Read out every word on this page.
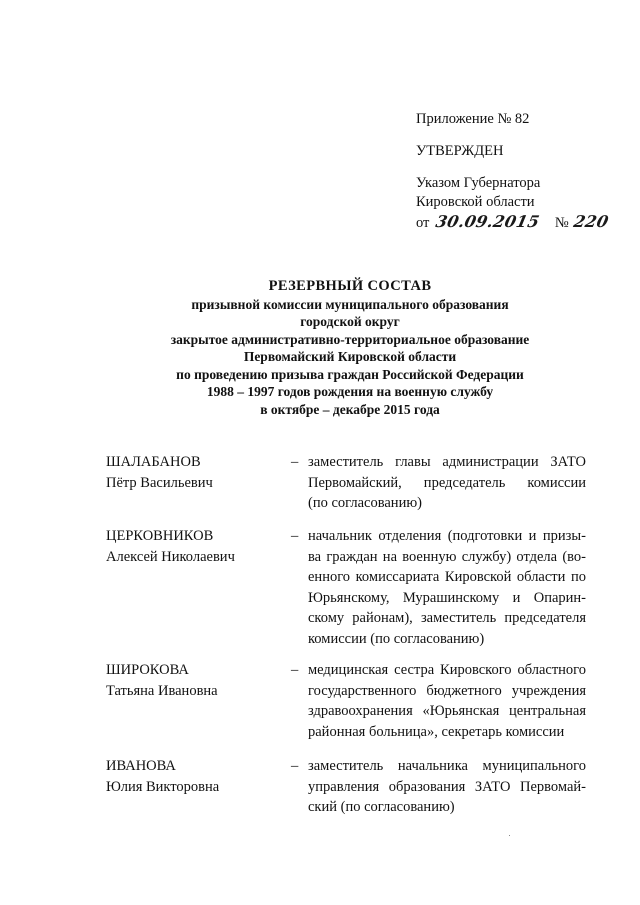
Приложение № 82
УТВЕРЖДЕН
Указом Губернатора
Кировской области
от 30.09.2015 № 220
РЕЗЕРВНЫЙ СОСТАВ
призывной комиссии муниципального образования
городской округ
закрытое административно-территориальное образование
Первомайский Кировской области
по проведению призыва граждан Российской Федерации
1988 – 1997 годов рождения на военную службу
в октябре – декабре 2015 года
ШАЛАБАНОВ
Пётр Васильевич
– заместитель главы администрации ЗАТО
Первомайский, председатель комиссии
(по согласованию)
ЦЕРКОВНИКОВ
Алексей Николаевич
– начальник отделения (подготовки и призы-
ва граждан на военную службу) отдела (во-
енного комиссариата Кировской области по
Юрьянскому, Мурашинскому и Опарин-
скому районам), заместитель председателя
комиссии (по согласованию)
ШИРОКОВА
Татьяна Ивановна
– медицинская сестра Кировского областного
государственного бюджетного учреждения
здравоохранения «Юрьянская центральная
районная больница», секретарь комиссии
ИВАНОВА
Юлия Викторовна
– заместитель начальника муниципального
управления образования ЗАТО Первомай-
ский (по согласованию)
